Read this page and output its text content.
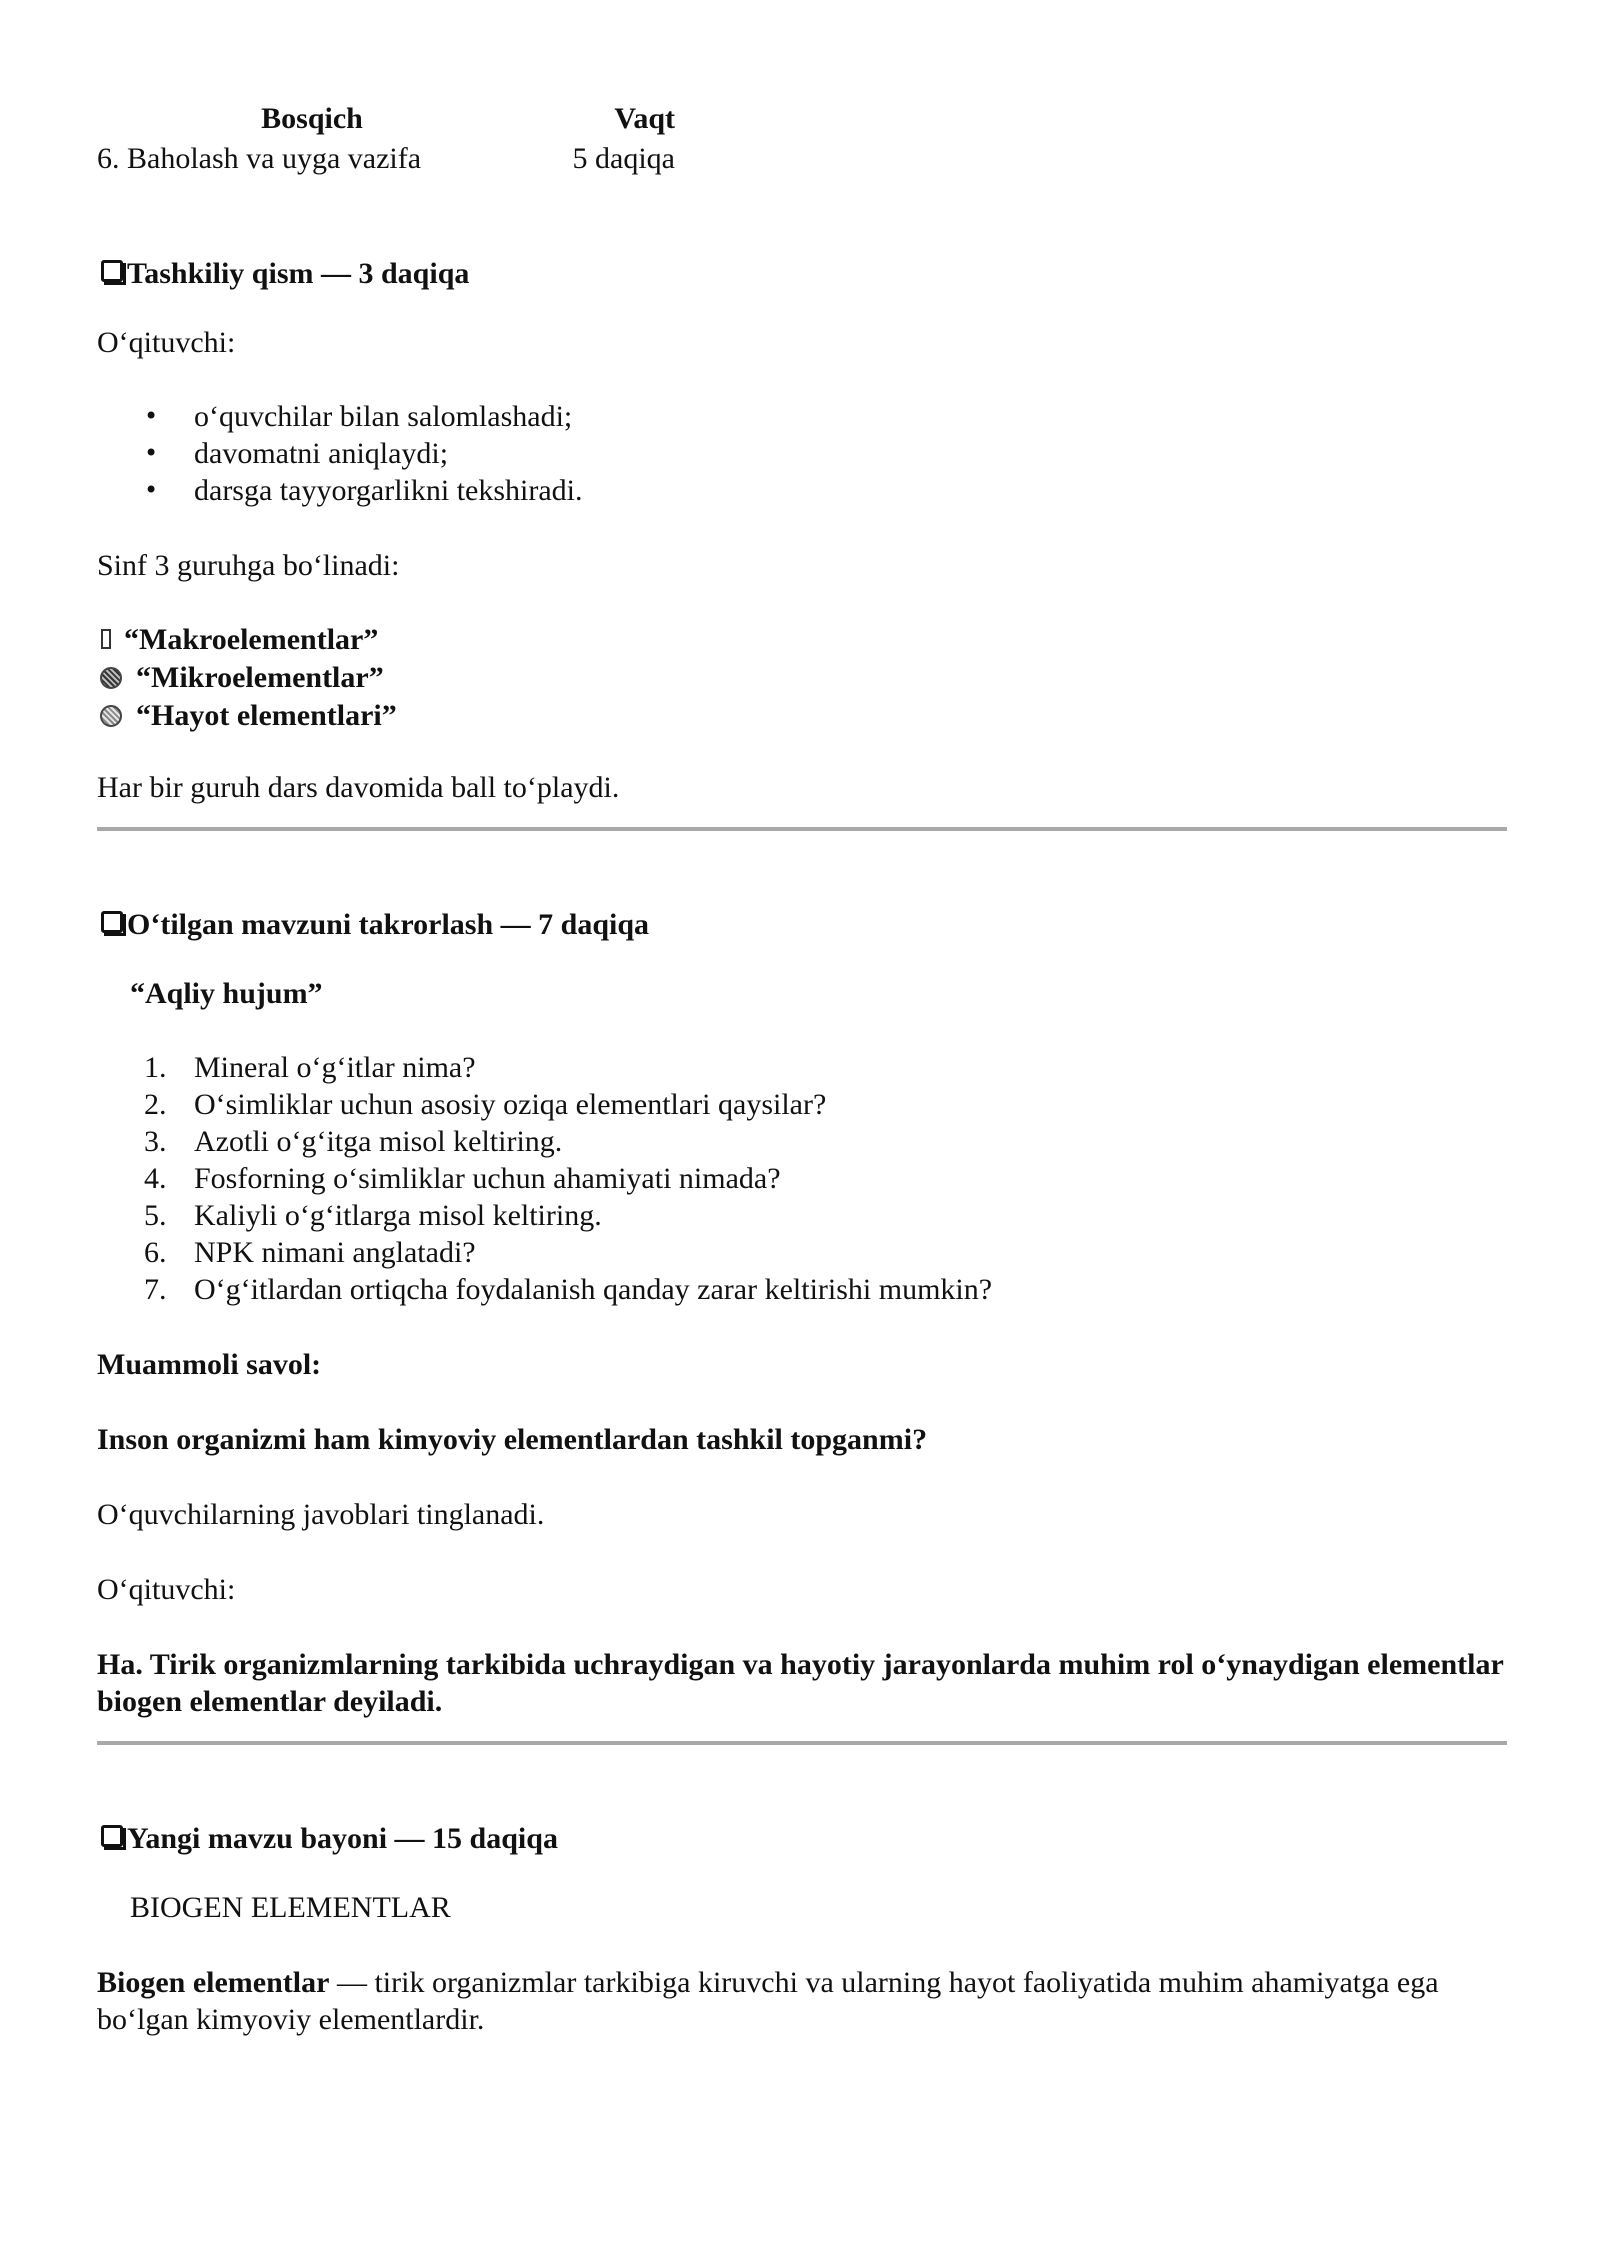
Bosqich	Vaqt
6. Baholash va uyga vazifa	5 daqiqa
Tashkiliy qism — 3 daqiqa

O‘qituvchi:

• o‘quvchilar bilan salomlashadi;
• davomatni aniqlaydi;
• darsga tayyorgarlikni tekshiradi.

Sinf 3 guruhga bo‘linadi:

“Makroelementlar”
“Mikroelementlar”
“Hayot elementlari”

Har bir guruh dars davomida ball to‘playdi.

O‘tilgan mavzuni takrorlash — 7 daqiqa

“Aqliy hujum”

1. Mineral o‘g‘itlar nima?
2. O‘simliklar uchun asosiy oziqa elementlari qaysilar?
3. Azotli o‘g‘itga misol keltiring.
4. Fosforning o‘simliklar uchun ahamiyati nimada?
5. Kaliyli o‘g‘itlarga misol keltiring.
6. NPK nimani anglatadi?
7. O‘g‘itlardan ortiqcha foydalanish qanday zarar keltirishi mumkin?

Muammoli savol:

Inson organizmi ham kimyoviy elementlardan tashkil topganmi?

O‘quvchilarning javoblari tinglanadi.

O‘qituvchi:

Ha. Tirik organizmlarning tarkibida uchraydigan va hayotiy jarayonlarda muhim rol o‘ynaydigan elementlar biogen elementlar deyiladi.

Yangi mavzu bayoni — 15 daqiqa

BIOGEN ELEMENTLAR

Biogen elementlar — tirik organizmlar tarkibiga kiruvchi va ularning hayot faoliyatida muhim ahamiyatga ega bo‘lgan kimyoviy elementlardir.
